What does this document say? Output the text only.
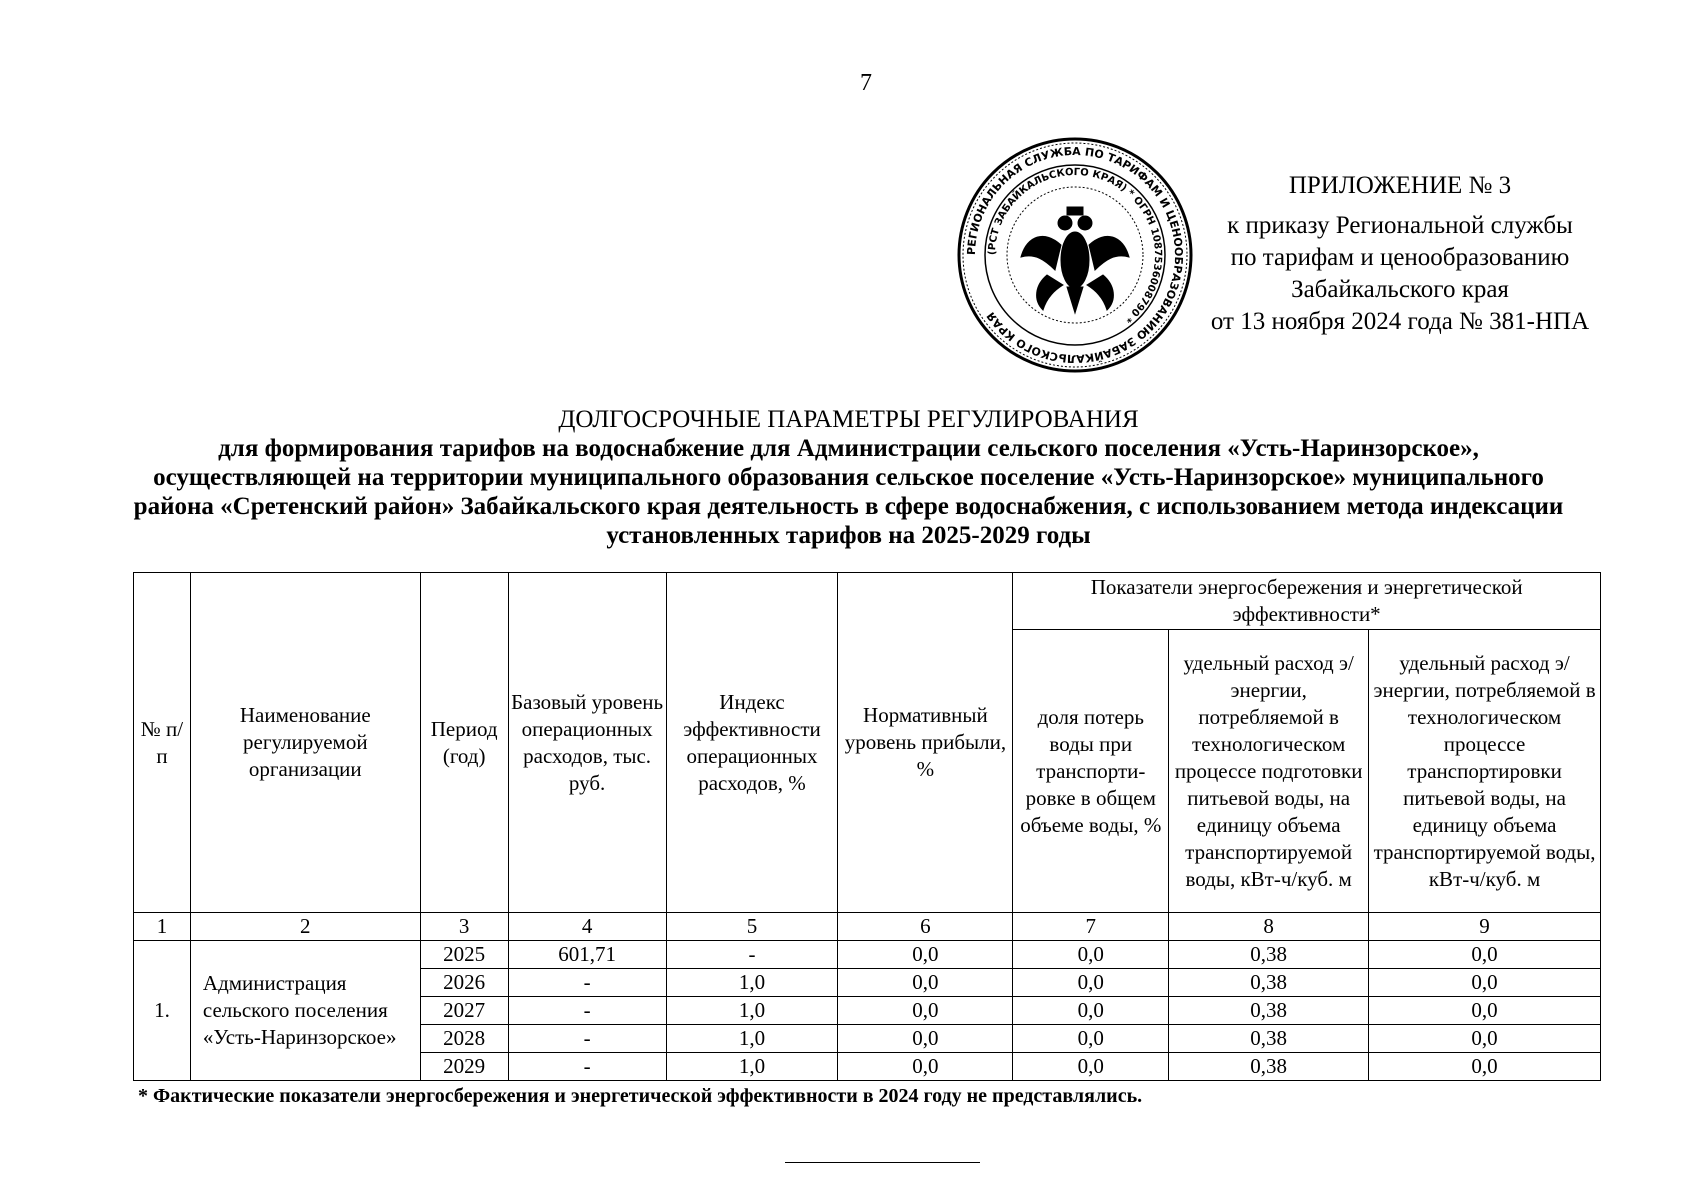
7
РЕГИОНАЛЬНАЯ СЛУЖБА ПО ТАРИФАМ И ЦЕНООБРАЗОВАНИЮ ЗАБАЙКАЛЬСКОГО КРАЯ
(РСТ ЗАБАЙКАЛЬСКОГО КРАЯ) * ОГРН 1087536008790 *
ПРИЛОЖЕНИЕ № 3
к приказу Региональной службы
по тарифам и ценообразованию
Забайкальского края
от 13 ноября 2024 года № 381-НПА
ДОЛГОСРОЧНЫЕ ПАРАМЕТРЫ РЕГУЛИРОВАНИЯ
для формирования тарифов на водоснабжение для Администрации сельского поселения «Усть-Наринзорское», осуществляющей на территории муниципального образования сельское поселение «Усть-Наринзорское» муниципального района «Сретенский район» Забайкальского края деятельность в сфере водоснабжения, с использованием метода индексации установленных тарифов на 2025-2029 годы
№ п/п	Наименование регулируемой организации	Период (год)	Базовый уровень операционных расходов, тыс. руб.	Индекс эффективности операционных расходов, %	Нормативный уровень прибыли, %	Показатели энергосбережения и энергетической эффективности*		
						доля потерь воды при транспорти-ровке в общем объеме воды, %	удельный расход э/энергии, потребляемой в технологическом процессе подготовки питьевой воды, на единицу объема транспортируемой воды, кВт-ч/куб. м	удельный расход э/энергии, потребляемой в технологическом процессе транспортировки питьевой воды, на единицу объема транспортируемой воды, кВт-ч/куб. м
1	2	3	4	5	6	7	8	9
1.	Администрация сельского поселения «Усть-Наринзорское»	2025	601,71	-	0,0	0,0	0,38	0,0
		2026	-	1,0	0,0	0,0	0,38	0,0
		2027	-	1,0	0,0	0,0	0,38	0,0
		2028	-	1,0	0,0	0,0	0,38	0,0
		2029	-	1,0	0,0	0,0	0,38	0,0
* Фактические показатели энергосбережения и энергетической эффективности в 2024 году не представлялись.
